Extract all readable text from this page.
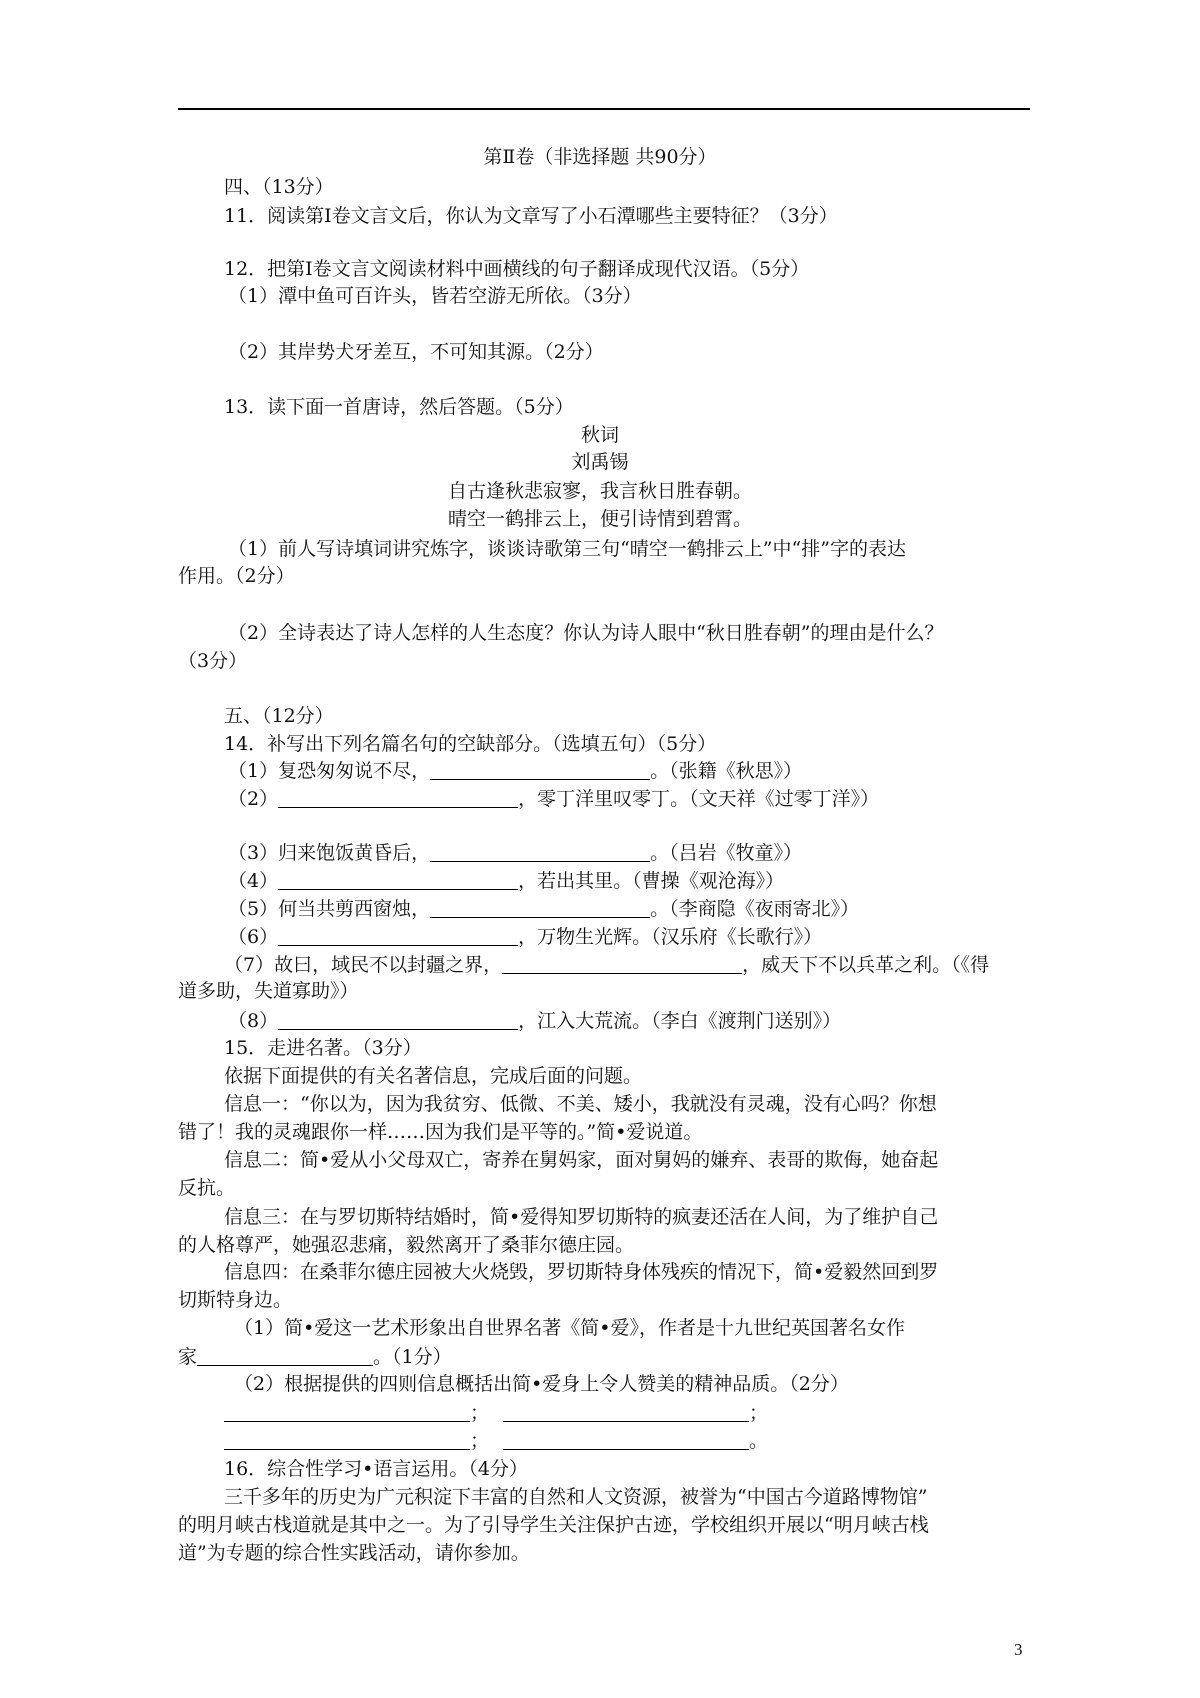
第Ⅱ卷（非选择题 共90分）
四、（13分）
11．阅读第Ⅰ卷文言文后，你认为文章写了小石潭哪些主要特征？（3分）
12．把第Ⅰ卷文言文阅读材料中画横线的句子翻译成现代汉语。（5分）
（1）潭中鱼可百许头，皆若空游无所依。（3分）
（2）其岸势犬牙差互，不可知其源。（2分）
13．读下面一首唐诗，然后答题。（5分）
秋词
刘禹锡
自古逢秋悲寂寥，我言秋日胜春朝。
晴空一鹤排云上，便引诗情到碧霄。
（1）前人写诗填词讲究炼字，谈谈诗歌第三句“晴空一鹤排云上”中“排”字的表达
作用。（2分）
（2）全诗表达了诗人怎样的人生态度？你认为诗人眼中“秋日胜春朝”的理由是什么？
（3分）
五、（12分）
14．补写出下列名篇名句的空缺部分。（选填五句）（5分）
（1）复恐匆匆说不尽，	。（张籍《秋思》）
（2）	，零丁洋里叹零丁。（文天祥《过零丁洋》）
（3）归来饱饭黄昏后，	。（吕岩《牧童》）
（4）	，若出其里。（曹操《观沧海》）
（5）何当共剪西窗烛，	。（李商隐《夜雨寄北》）
（6）	，万物生光辉。（汉乐府《长歌行》）
（7）故曰，域民不以封疆之界，	，威天下不以兵革之利。（《得
道多助，失道寡助》）
（8）	，江入大荒流。（李白《渡荆门送别》）
15．走进名著。（3分）
依据下面提供的有关名著信息，完成后面的问题。
信息一：“你以为，因为我贫穷、低微、不美、矮小，我就没有灵魂，没有心吗？你想
错了！我的灵魂跟你一样……因为我们是平等的。”简•爱说道。
信息二：简•爱从小父母双亡，寄养在舅妈家，面对舅妈的嫌弃、表哥的欺侮，她奋起
反抗。
信息三：在与罗切斯特结婚时，简•爱得知罗切斯特的疯妻还活在人间，为了维护自己
的人格尊严，她强忍悲痛，毅然离开了桑菲尔德庄园。
信息四：在桑菲尔德庄园被大火烧毁，罗切斯特身体残疾的情况下，简•爱毅然回到罗
切斯特身边。
（1）简•爱这一艺术形象出自世界名著《简•爱》，作者是十九世纪英国著名女作
家	。（1分）
（2）根据提供的四则信息概括出简•爱身上令人赞美的精神品质。（2分）
；	；
；	。
16．综合性学习•语言运用。（4分）
三千多年的历史为广元积淀下丰富的自然和人文资源，被誉为“中国古今道路博物馆”
的明月峡古栈道就是其中之一。为了引导学生关注保护古迹，学校组织开展以“明月峡古栈
道”为专题的综合性实践活动，请你参加。
3
